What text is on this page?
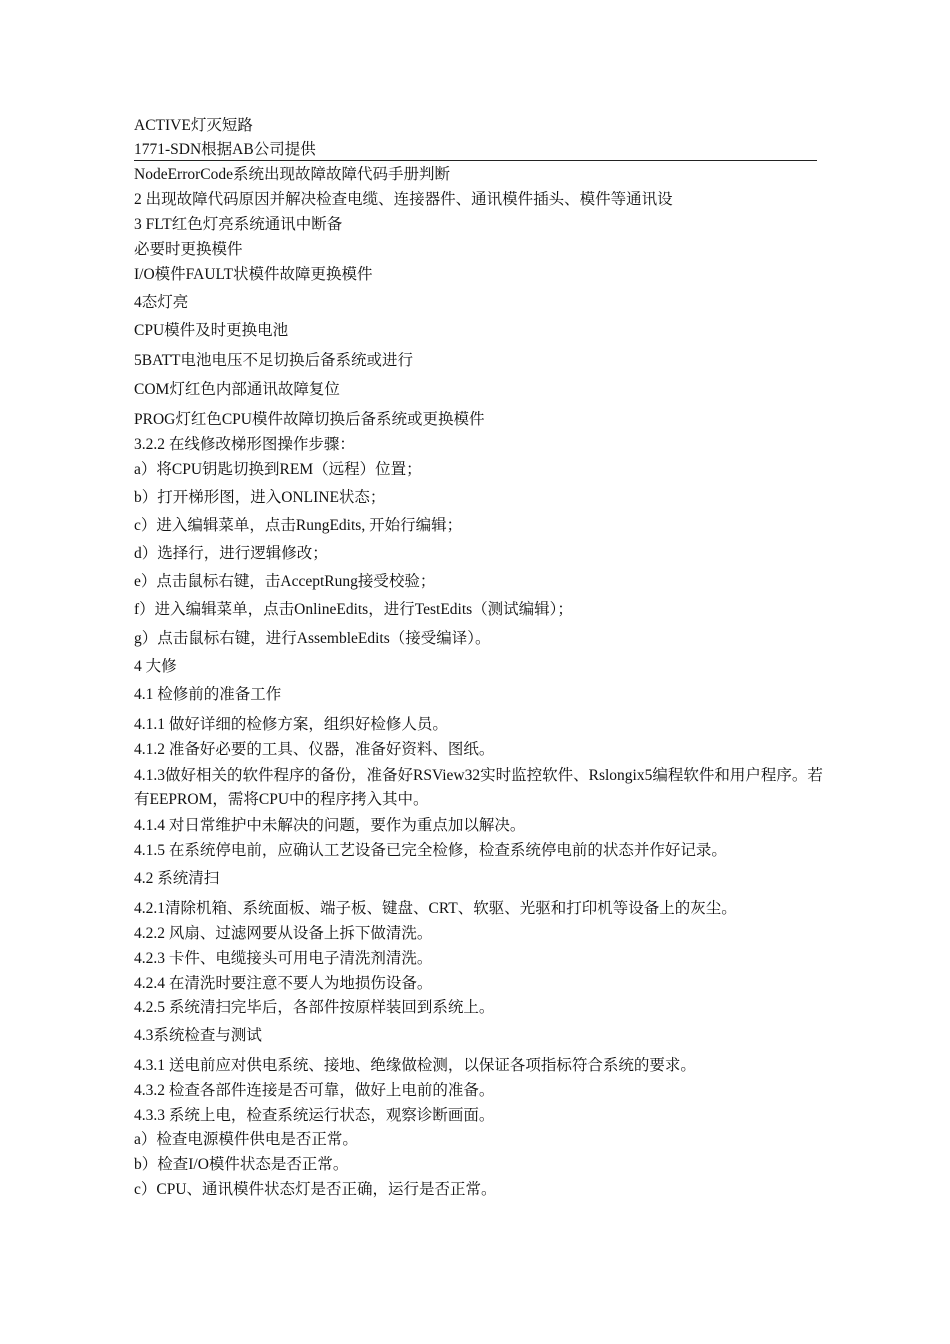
ACTIVE灯灭短路
1771-SDN根据AB公司提供
NodeErrorCode系统出现故障故障代码手册判断
2 出现故障代码原因并解决检查电缆、连接器件、通讯模件插头、模件等通讯设
3 FLT红色灯亮系统通讯中断备
必要时更换模件
I/O模件FAULT状模件故障更换模件
4态灯亮
CPU模件及时更换电池
5BATT电池电压不足切换后备系统或进行
COM灯红色内部通讯故障复位
PROG灯红色CPU模件故障切换后备系统或更换模件
3.2.2 在线修改梯形图操作步骤：
a）将CPU钥匙切换到REM（远程）位置；
b）打开梯形图，进入ONLINE状态；
c）进入编辑菜单，点击RungEdits, 开始行编辑；
d）选择行，进行逻辑修改；
e）点击鼠标右键，击AcceptRung接受校验；
f）进入编辑菜单，点击OnlineEdits，进行TestEdits（测试编辑）；
g）点击鼠标右键，进行AssembleEdits（接受编译）。
4 大修
4.1 检修前的准备工作
4.1.1 做好详细的检修方案，组织好检修人员。
4.1.2 准备好必要的工具、仪器，准备好资料、图纸。
4.1.3做好相关的软件程序的备份，准备好RSView32实时监控软件、Rslongix5编程软件和用户程序。若有EEPROM，需将CPU中的程序拷入其中。
4.1.4 对日常维护中未解决的问题，要作为重点加以解决。
4.1.5 在系统停电前，应确认工艺设备已完全检修，检查系统停电前的状态并作好记录。
4.2 系统清扫
4.2.1清除机箱、系统面板、端子板、键盘、CRT、软驱、光驱和打印机等设备上的灰尘。
4.2.2 风扇、过滤网要从设备上拆下做清洗。
4.2.3 卡件、电缆接头可用电子清洗剂清洗。
4.2.4 在清洗时要注意不要人为地损伤设备。
4.2.5 系统清扫完毕后，各部件按原样装回到系统上。
4.3系统检查与测试
4.3.1 送电前应对供电系统、接地、绝缘做检测，以保证各项指标符合系统的要求。
4.3.2 检查各部件连接是否可靠，做好上电前的准备。
4.3.3 系统上电，检查系统运行状态，观察诊断画面。
a）检查电源模件供电是否正常。
b）检查I/O模件状态是否正常。
c）CPU、通讯模件状态灯是否正确，运行是否正常。
